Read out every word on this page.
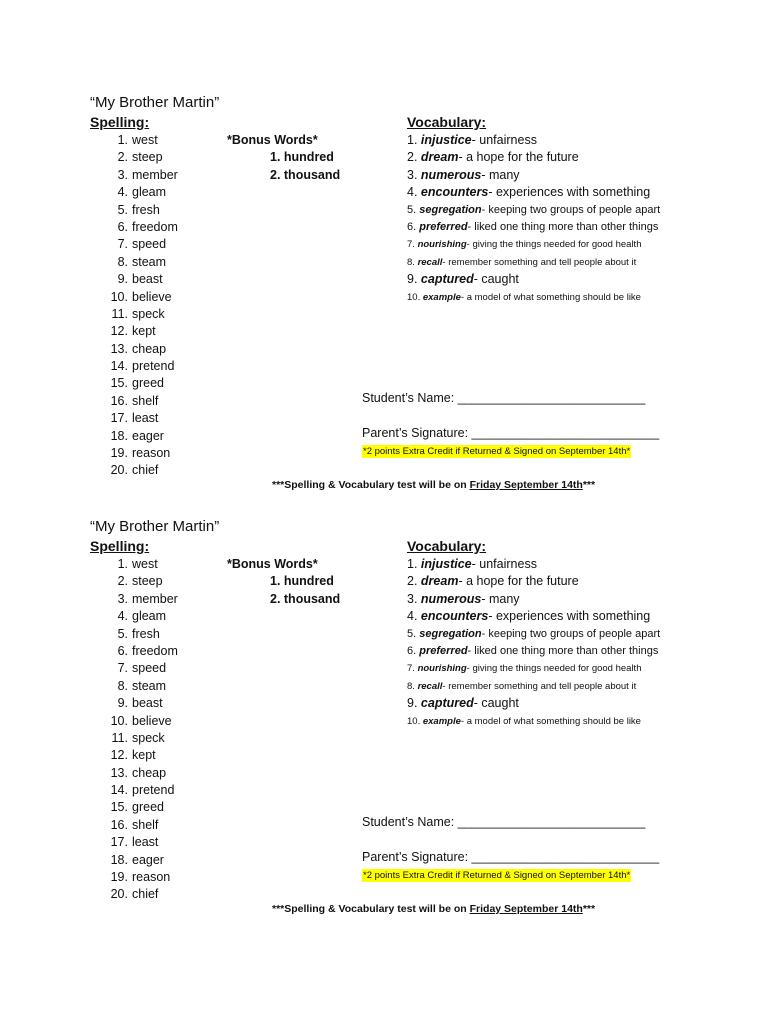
“My Brother Martin”
Spelling:	Vocabulary:
1. west
2. steep
3. member
4. gleam
5. fresh
6. freedom
7. speed
8. steam
9. beast
10. believe
11. speck
12. kept
13. cheap
14. pretend
15. greed
16. shelf
17. least
18. eager
19. reason
20. chief
*Bonus Words*
1. hundred
2. thousand
1. injustice- unfairness
2. dream- a hope for the future
3. numerous- many
4. encounters- experiences with something
5. segregation- keeping two groups of people apart
6. preferred- liked one thing more than other things
7. nourishing- giving the things needed for good health
8. recall- remember something and tell people about it
9. captured- caught
10. example- a model of what something should be like
Student’s Name: ___________________________
Parent’s Signature: ___________________________
*2 points Extra Credit if Returned & Signed on September 14th*
***Spelling & Vocabulary test will be on Friday September 14th***
“My Brother Martin”
Spelling:	Vocabulary:
1. west
2. steep
3. member
4. gleam
5. fresh
6. freedom
7. speed
8. steam
9. beast
10. believe
11. speck
12. kept
13. cheap
14. pretend
15. greed
16. shelf
17. least
18. eager
19. reason
20. chief
*Bonus Words*
1. hundred
2. thousand
1. injustice- unfairness
2. dream- a hope for the future
3. numerous- many
4. encounters- experiences with something
5. segregation- keeping two groups of people apart
6. preferred- liked one thing more than other things
7. nourishing- giving the things needed for good health
8. recall- remember something and tell people about it
9. captured- caught
10. example- a model of what something should be like
Student’s Name: ___________________________
Parent’s Signature: ___________________________
*2 points Extra Credit if Returned & Signed on September 14th*
***Spelling & Vocabulary test will be on Friday September 14th***
